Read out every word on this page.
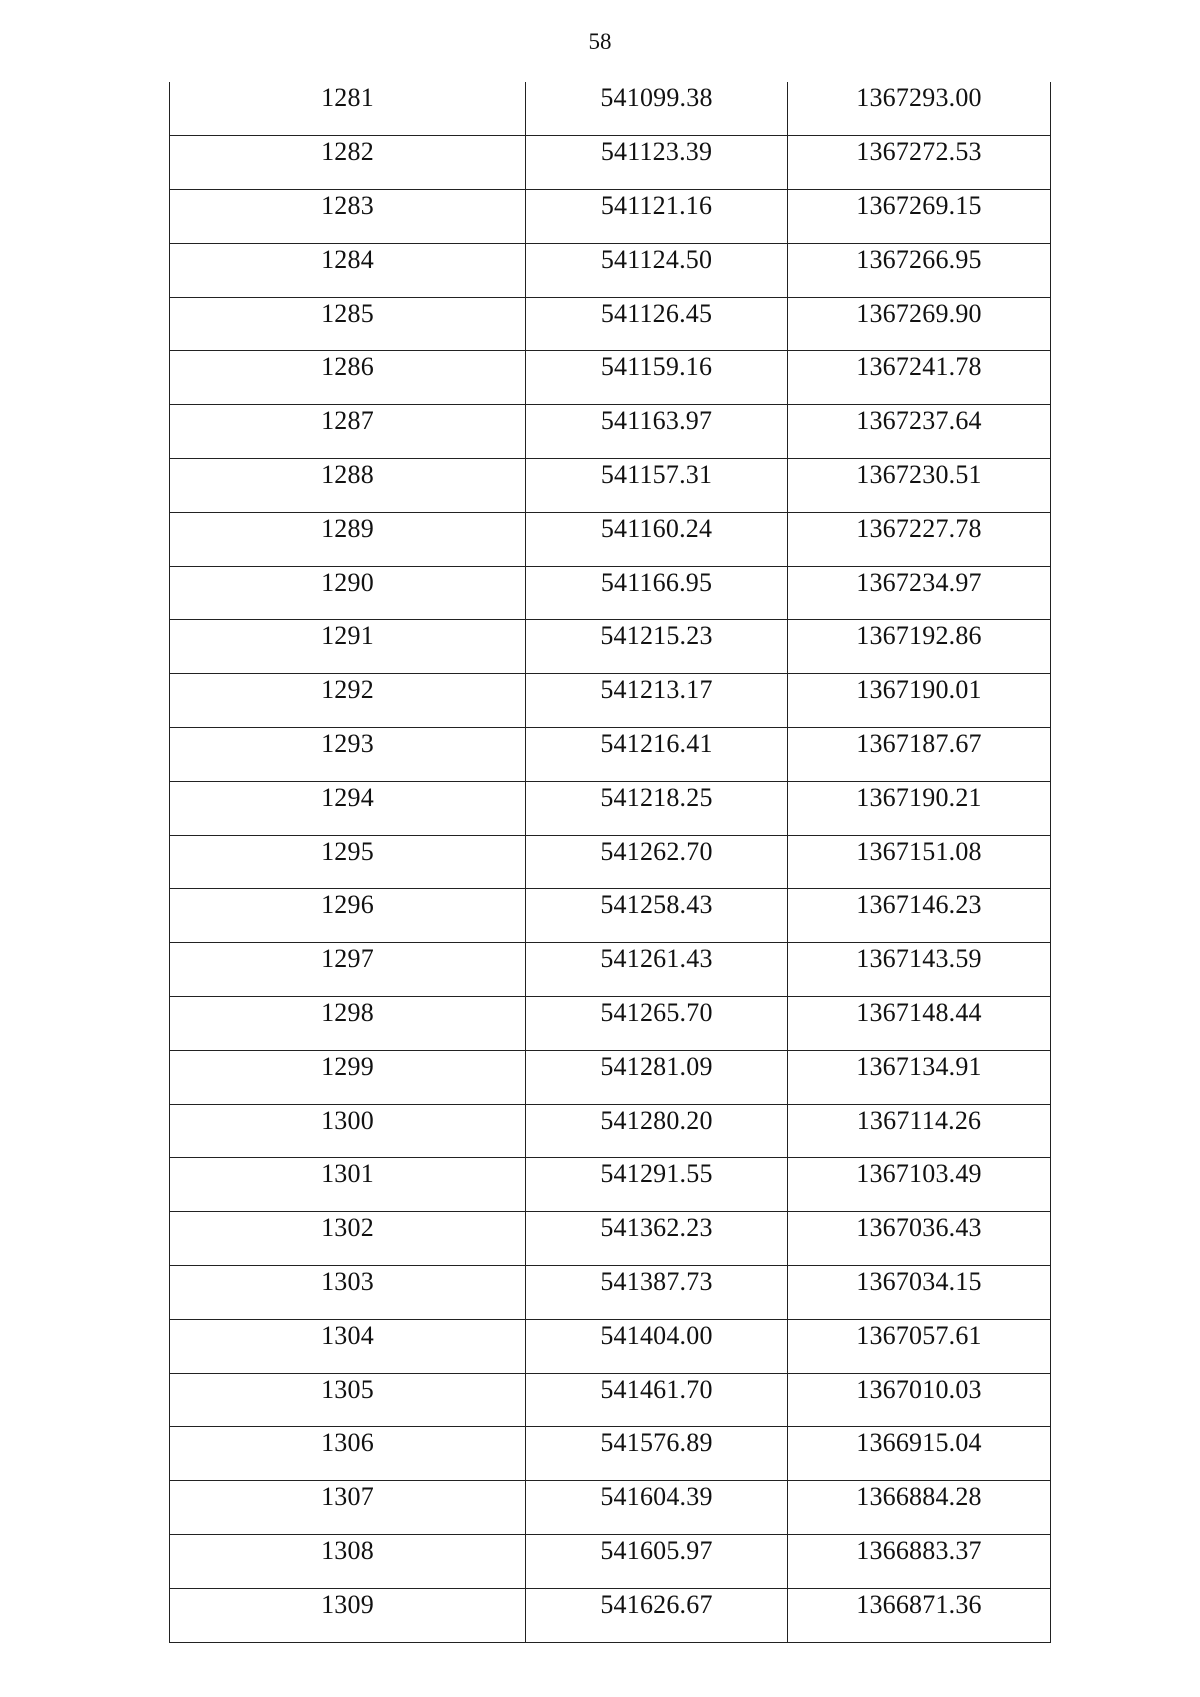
58
1281	541099.38	1367293.00
1282	541123.39	1367272.53
1283	541121.16	1367269.15
1284	541124.50	1367266.95
1285	541126.45	1367269.90
1286	541159.16	1367241.78
1287	541163.97	1367237.64
1288	541157.31	1367230.51
1289	541160.24	1367227.78
1290	541166.95	1367234.97
1291	541215.23	1367192.86
1292	541213.17	1367190.01
1293	541216.41	1367187.67
1294	541218.25	1367190.21
1295	541262.70	1367151.08
1296	541258.43	1367146.23
1297	541261.43	1367143.59
1298	541265.70	1367148.44
1299	541281.09	1367134.91
1300	541280.20	1367114.26
1301	541291.55	1367103.49
1302	541362.23	1367036.43
1303	541387.73	1367034.15
1304	541404.00	1367057.61
1305	541461.70	1367010.03
1306	541576.89	1366915.04
1307	541604.39	1366884.28
1308	541605.97	1366883.37
1309	541626.67	1366871.36
